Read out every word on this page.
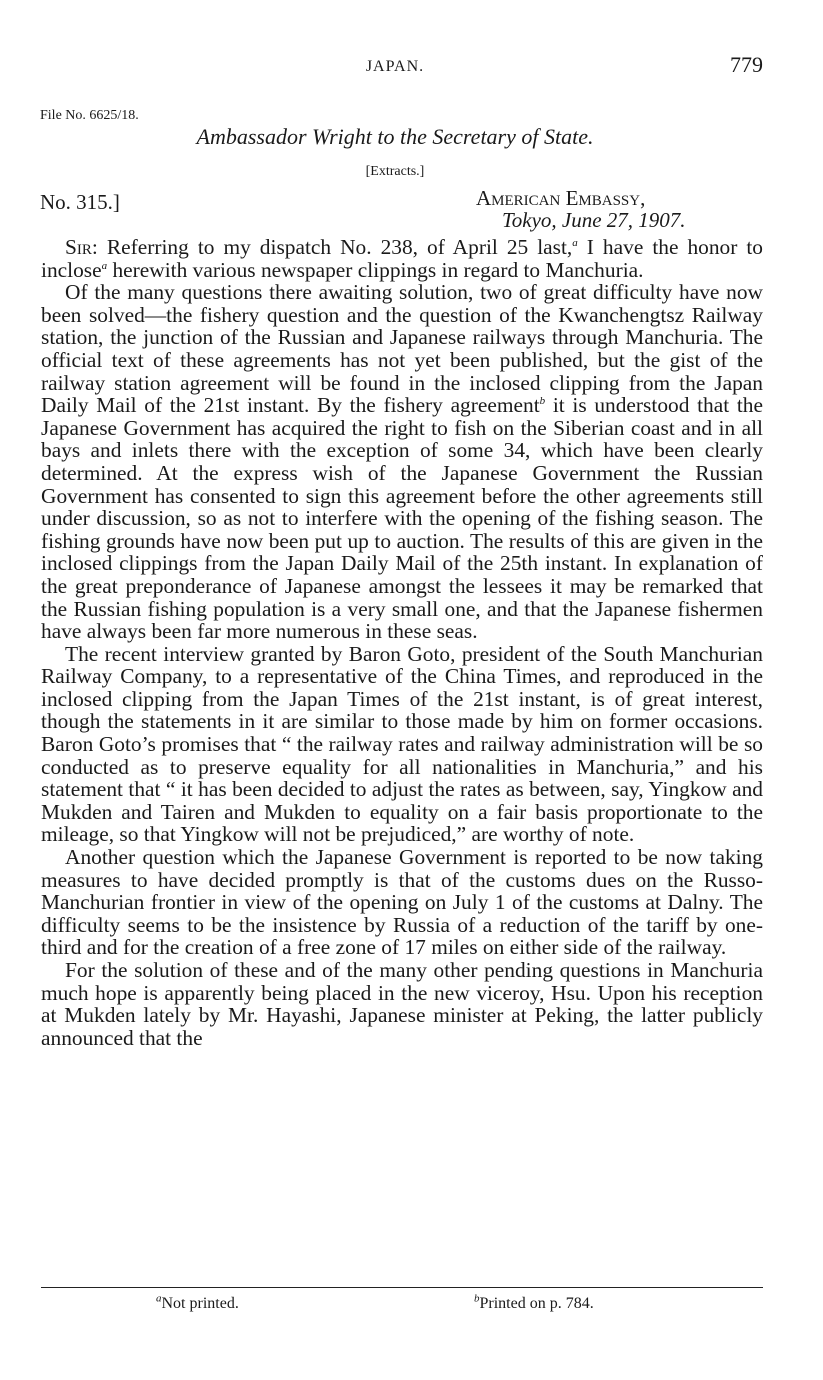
JAPAN.	779
File No. 6625/18.
Ambassador Wright to the Secretary of State.
[Extracts.]
No. 315.]	American Embassy,
Tokyo, June 27, 1907.

Sir: Referring to my dispatch No. 238, of April 25 last,$^a$ I have the honor to inclose$^a$ herewith various newspaper clippings in regard to Manchuria.

Of the many questions there awaiting solution, two of great difficulty have now been solved—the fishery question and the question of the Kwanchengtsz Railway station, the junction of the Russian and Japanese railways through Manchuria. The official text of these agreements has not yet been published, but the gist of the railway station agreement will be found in the inclosed clipping from the Japan Daily Mail of the 21st instant. By the fishery agreement$^b$ it is understood that the Japanese Government has acquired the right to fish on the Siberian coast and in all bays and inlets there with the exception of some 34, which have been clearly determined. At the express wish of the Japanese Government the Russian Government has consented to sign this agreement before the other agreements still under discussion, so as not to interfere with the opening of the fishing season. The fishing grounds have now been put up to auction. The results of this are given in the inclosed clippings from the Japan Daily Mail of the 25th instant. In explanation of the great preponderance of Japanese amongst the lessees it may be remarked that the Russian fishing population is a very small one, and that the Japanese fishermen have always been far more numerous in these seas.

The recent interview granted by Baron Goto, president of the South Manchurian Railway Company, to a representative of the China Times, and reproduced in the inclosed clipping from the Japan Times of the 21st instant, is of great interest, though the statements in it are similar to those made by him on former occasions. Baron Goto’s promises that “ the railway rates and railway administration will be so conducted as to preserve equality for all nationalities in Manchuria,” and his statement that “ it has been decided to adjust the rates as between, say, Yingkow and Mukden and Tairen and Mukden to equality on a fair basis proportionate to the mileage, so that Yingkow will not be prejudiced,” are worthy of note.

Another question which the Japanese Government is reported to be now taking measures to have decided promptly is that of the customs dues on the Russo-Manchurian frontier in view of the opening on July 1 of the customs at Dalny. The difficulty seems to be the insistence by Russia of a reduction of the tariff by one-third and for the creation of a free zone of 17 miles on either side of the railway.

For the solution of these and of the many other pending questions in Manchuria much hope is apparently being placed in the new viceroy, Hsu. Upon his reception at Mukden lately by Mr. Hayashi, Japanese minister at Peking, the latter publicly announced that the

$^a$Not printed.	$^b$Printed on p. 784.
